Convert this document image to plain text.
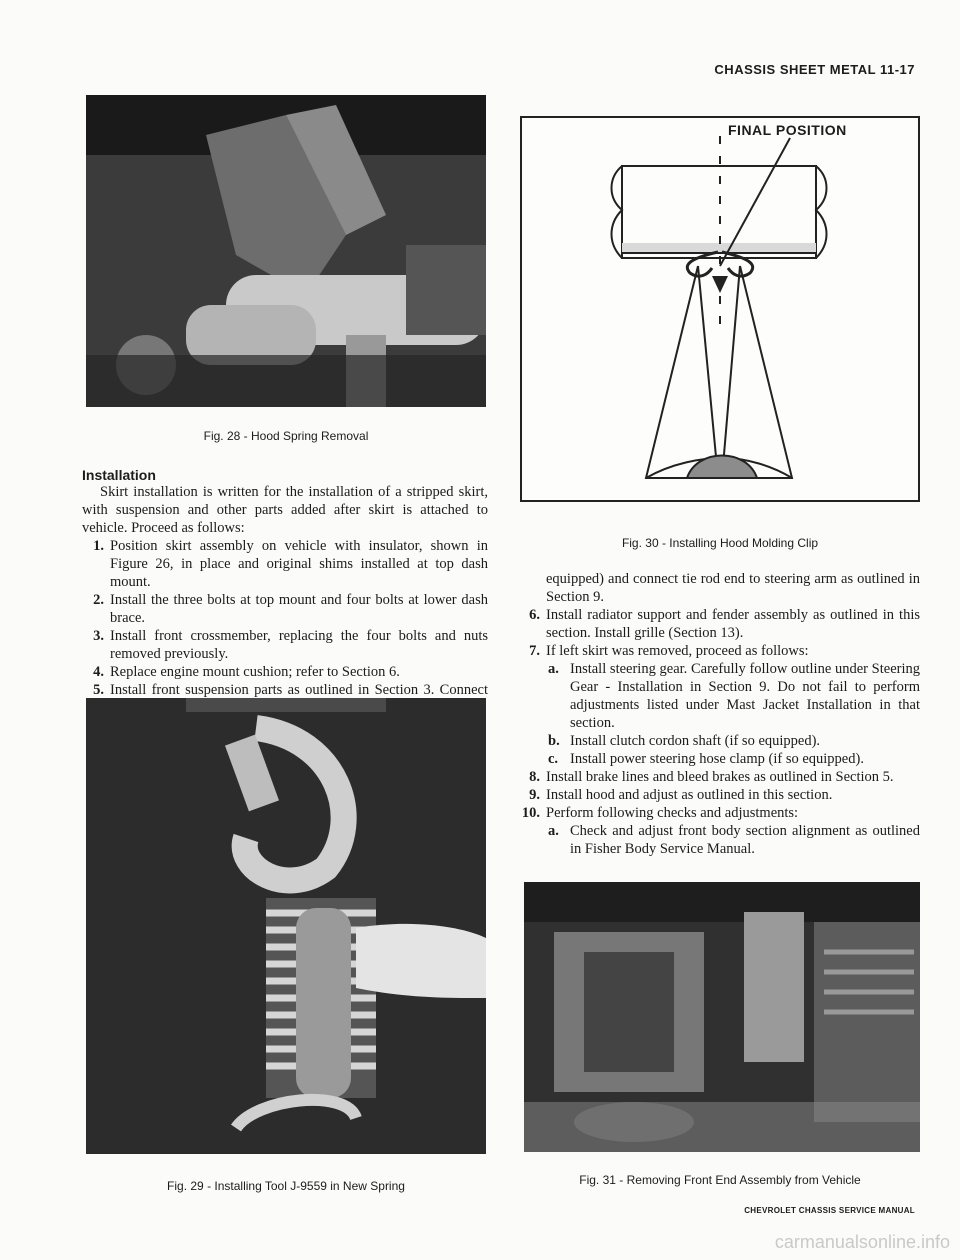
CHASSIS SHEET METAL 11-17
Fig. 28 - Hood Spring Removal
Installation

Skirt installation is written for the installation of a stripped skirt, with suspension and other parts added after skirt is attached to vehicle. Proceed as follows:

1. Position skirt assembly on vehicle with insulator, shown in Figure 26, in place and original shims installed at top dash mount.
2. Install the three bolts at top mount and four bolts at lower dash brace.
3. Install front crossmember, replacing the four bolts and nuts removed previously.
4. Replace engine mount cushion; refer to Section 6.
5. Install front suspension parts as outlined in Section 3. Connect
Fig. 29 - Installing Tool J-9559 in New Spring
FINAL POSITION
Fig. 30 - Installing Hood Molding Clip
equipped) and connect tie rod end to steering arm as outlined in Section 9.
6. Install radiator support and fender assembly as outlined in this section. Install grille (Section 13).
7. If left skirt was removed, proceed as follows:
a. Install steering gear. Carefully follow outline under Steering Gear - Installation in Section 9. Do not fail to perform adjustments listed under Mast Jacket Installation in that section.
b. Install clutch cordon shaft (if so equipped).
c. Install power steering hose clamp (if so equipped).
8. Install brake lines and bleed brakes as outlined in Section 5.
9. Install hood and adjust as outlined in this section.
10. Perform following checks and adjustments:
a. Check and adjust front body section alignment as outlined in Fisher Body Service Manual.
Fig. 31 - Removing Front End Assembly from Vehicle
CHEVROLET CHASSIS SERVICE MANUAL
carmanualsonline.info
